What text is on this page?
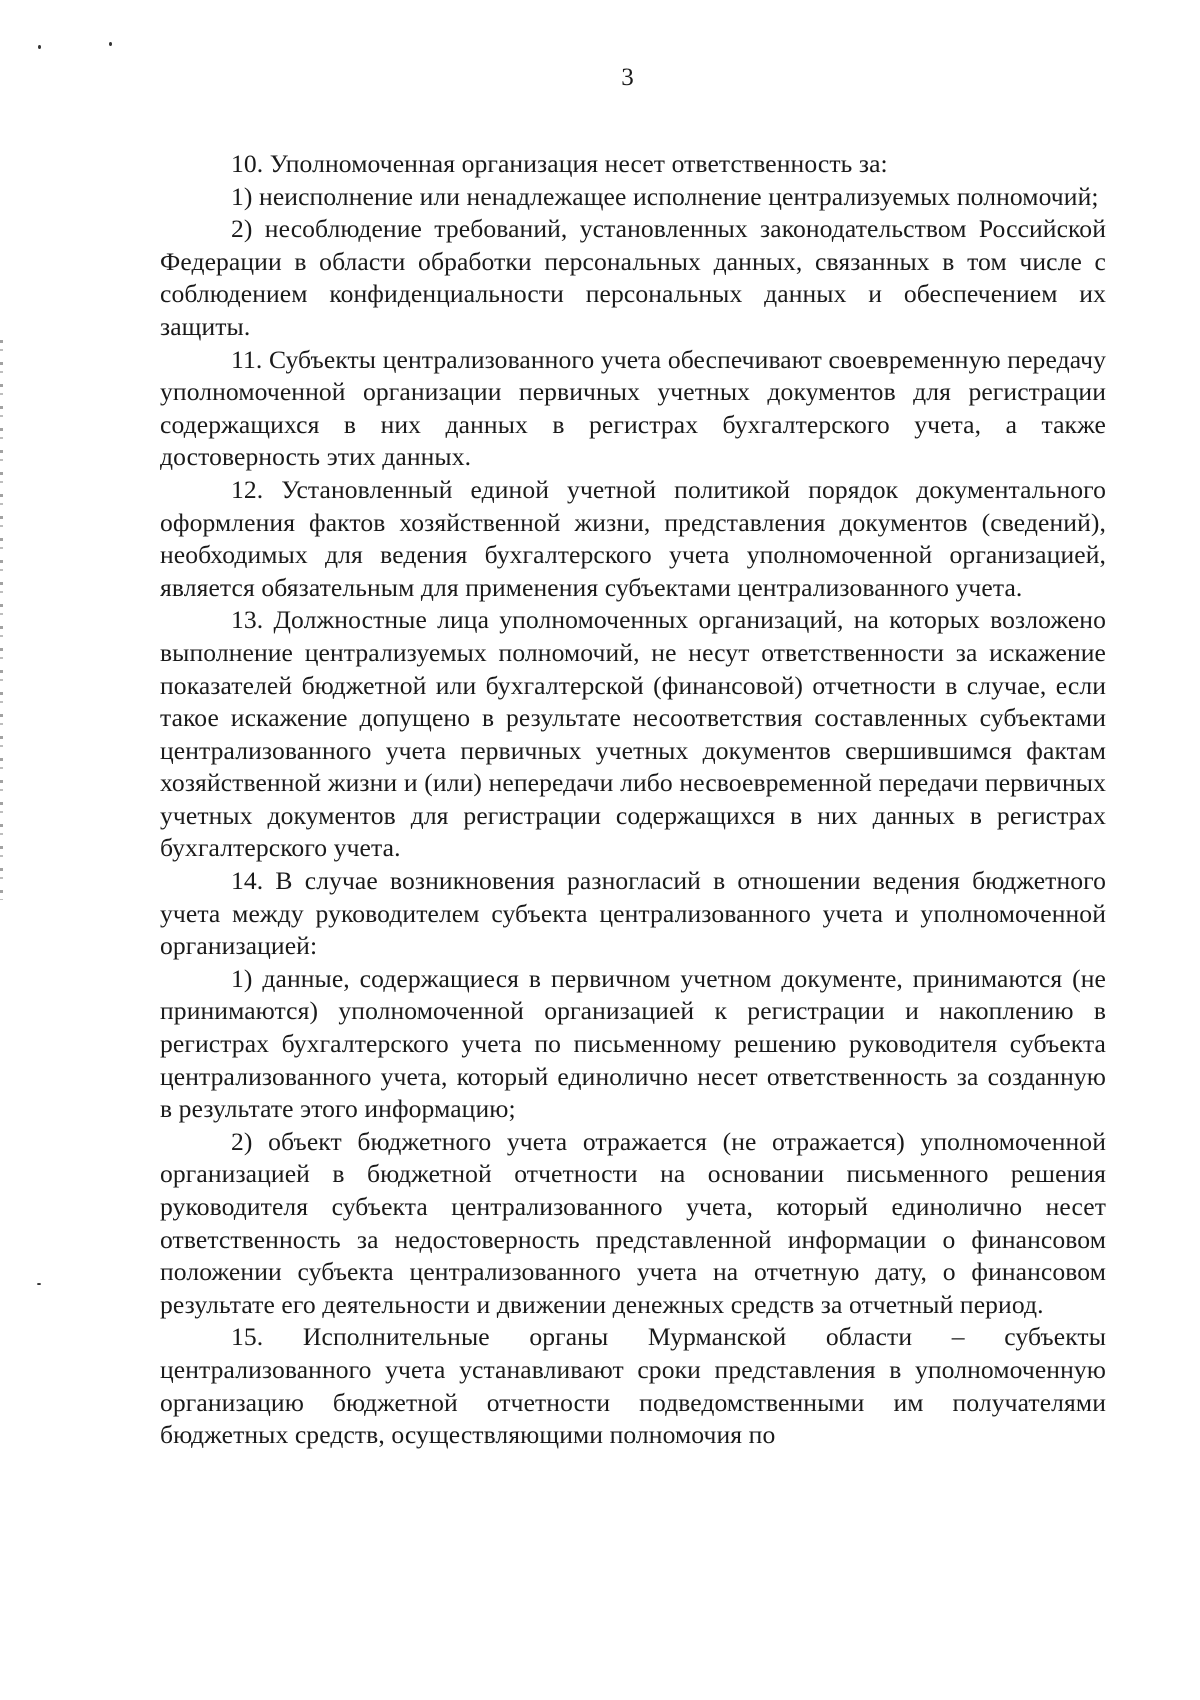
3

10. Уполномоченная организация несет ответственность за:

1) неисполнение или ненадлежащее исполнение централизуемых полномочий;

2) несоблюдение требований, установленных законодательством Российской Федерации в области обработки персональных данных, связанных в том числе с соблюдением конфиденциальности персональных данных и обеспечением их защиты.

11. Субъекты централизованного учета обеспечивают своевременную передачу уполномоченной организации первичных учетных документов для регистрации содержащихся в них данных в регистрах бухгалтерского учета, а также достоверность этих данных.

12. Установленный единой учетной политикой порядок документального оформления фактов хозяйственной жизни, представления документов (сведений), необходимых для ведения бухгалтерского учета уполномоченной организацией, является обязательным для применения субъектами централизованного учета.

13. Должностные лица уполномоченных организаций, на которых возложено выполнение централизуемых полномочий, не несут ответственности за искажение показателей бюджетной или бухгалтерской (финансовой) отчетности в случае, если такое искажение допущено в результате несоответствия составленных субъектами централизованного учета первичных учетных документов свершившимся фактам хозяйственной жизни и (или) непередачи либо несвоевременной передачи первичных учетных документов для регистрации содержащихся в них данных в регистрах бухгалтерского учета.

14. В случае возникновения разногласий в отношении ведения бюджетного учета между руководителем субъекта централизованного учета и уполномоченной организацией:

1) данные, содержащиеся в первичном учетном документе, принимаются (не принимаются) уполномоченной организацией к регистрации и накоплению в регистрах бухгалтерского учета по письменному решению руководителя субъекта централизованного учета, который единолично несет ответственность за созданную в результате этого информацию;

2) объект бюджетного учета отражается (не отражается) уполномоченной организацией в бюджетной отчетности на основании письменного решения руководителя субъекта централизованного учета, который единолично несет ответственность за недостоверность представленной информации о финансовом положении субъекта централизованного учета на отчетную дату, о финансовом результате его деятельности и движении денежных средств за отчетный период.

15. Исполнительные органы Мурманской области – субъекты централизованного учета устанавливают сроки представления в уполномоченную организацию бюджетной отчетности подведомственными им получателями бюджетных средств, осуществляющими полномочия по
